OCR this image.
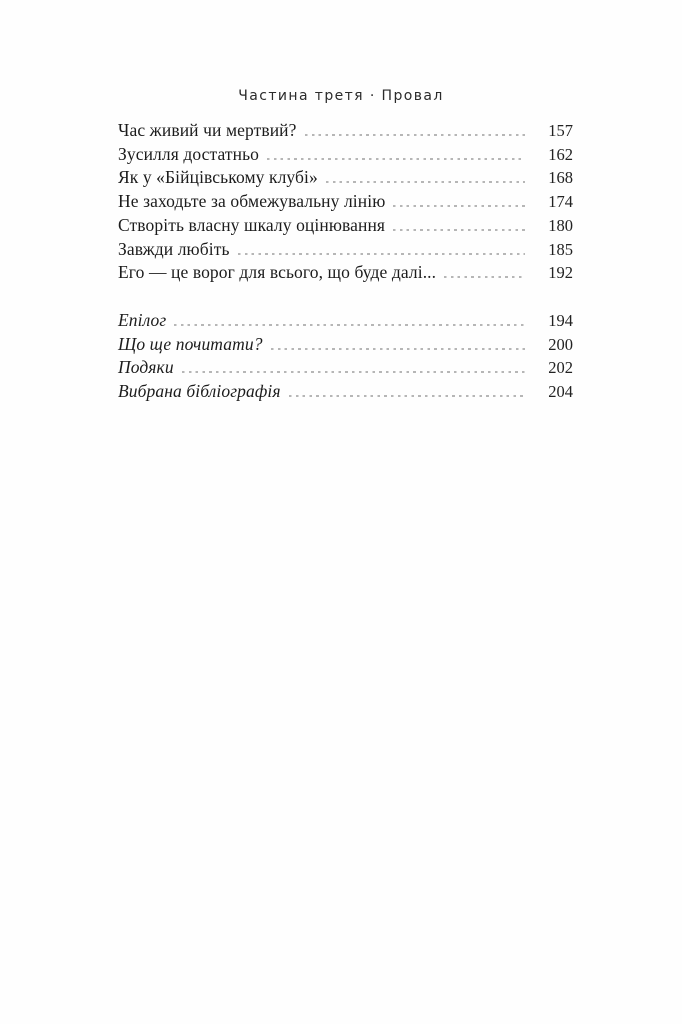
Частина третя · Провал
Час живий чи мертвий?	157
Зусилля достатньо	162
Як у «Бійцівському клубі»	168
Не заходьте за обмежувальну лінію	174
Створіть власну шкалу оцінювання	180
Завжди любіть	185
Его — це ворог для всього, що буде далі...	192
Епілог	194
Що ще почитати?	200
Подяки	202
Вибрана бібліографія	204
